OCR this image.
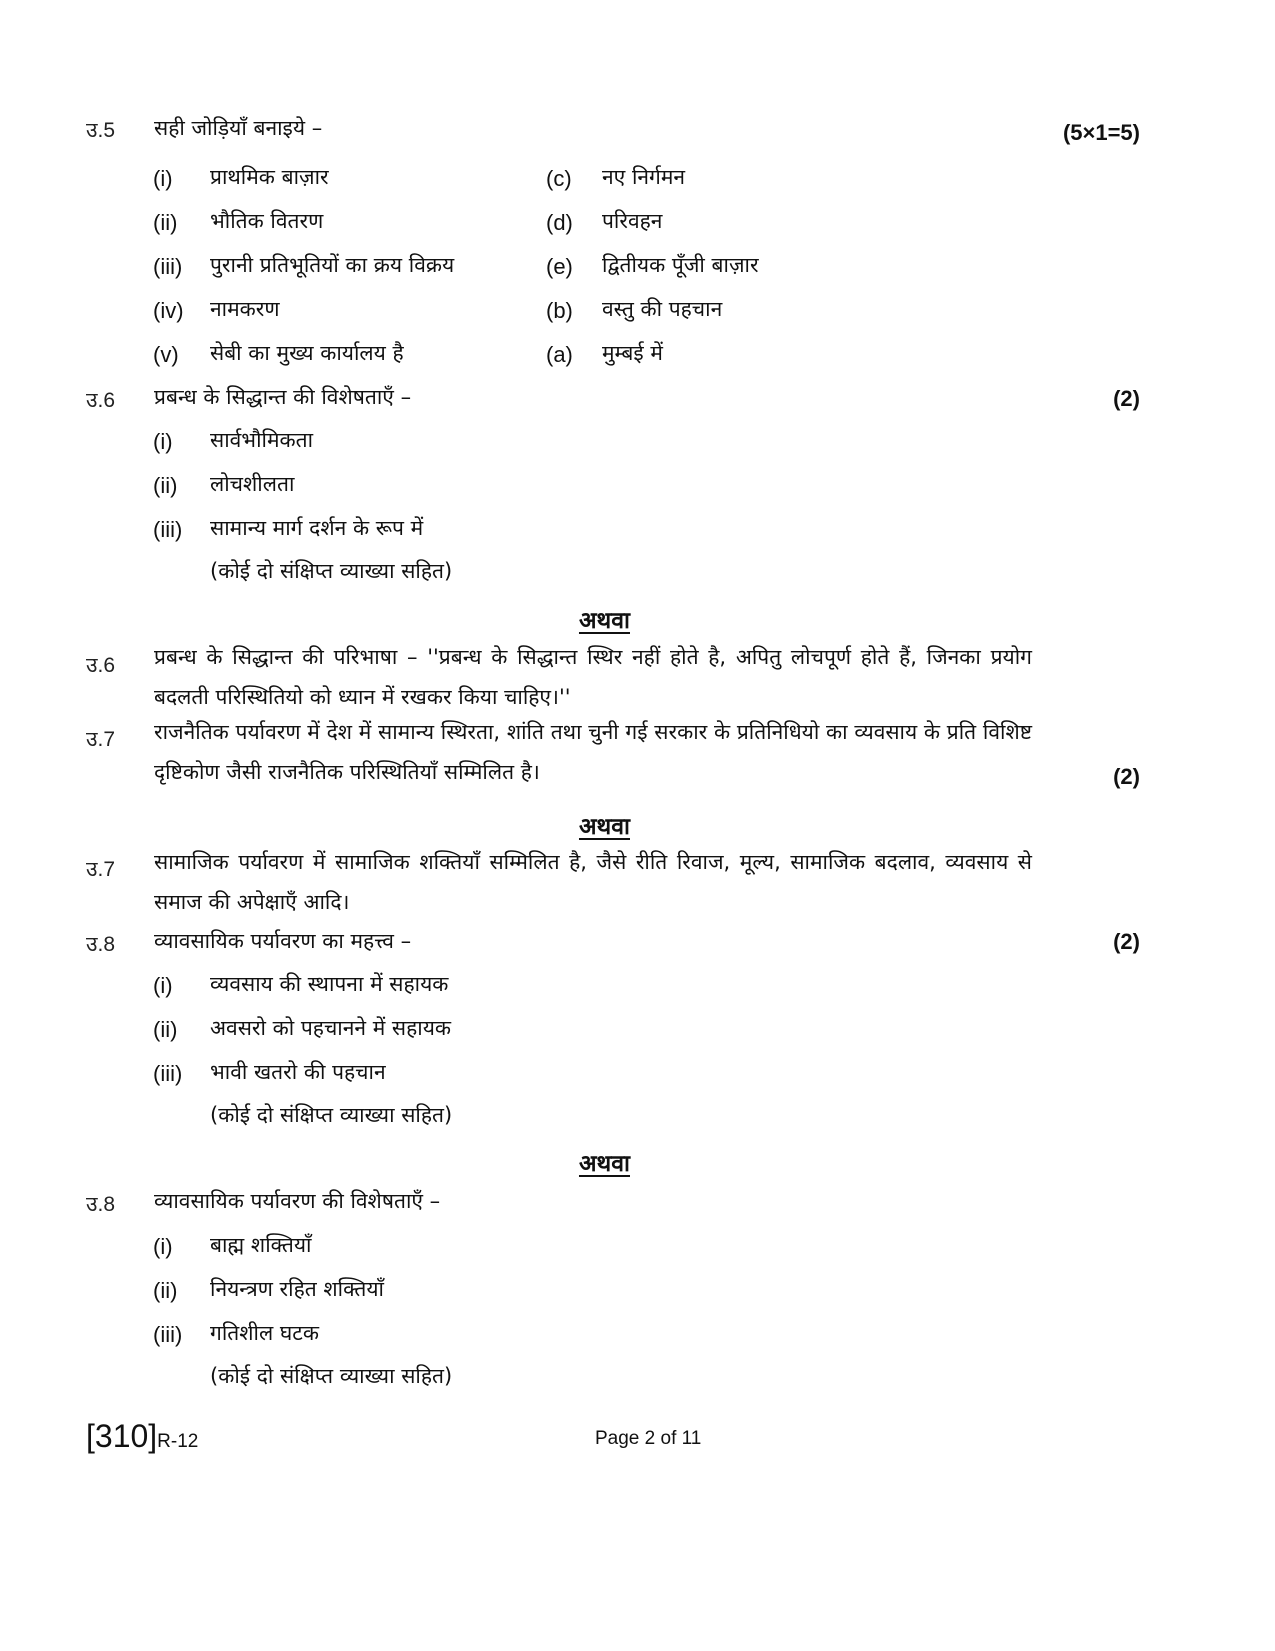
उ.5 सही जोड़ियाँ बनाइये –	(5×1=5)
(i) प्राथमिक बाज़ार	(c) नए निर्गमन
(ii) भौतिक वितरण	(d) परिवहन
(iii) पुरानी प्रतिभूतियों का क्रय विक्रय	(e) द्वितीयक पूँजी बाज़ार
(iv) नामकरण	(b) वस्तु की पहचान
(v) सेबी का मुख्य कार्यालय है	(a) मुम्बई में
उ.6 प्रबन्ध के सिद्धान्त की विशेषताएँ –	(2)
(i) सार्वभौमिकता
(ii) लोचशीलता
(iii) सामान्य मार्ग दर्शन के रूप में
(कोई दो संक्षिप्त व्याख्या सहित)
अथवा
उ.6 प्रबन्ध के सिद्धान्त की परिभाषा – ''प्रबन्ध के सिद्धान्त स्थिर नहीं होते है, अपितु लोचपूर्ण होते हैं, जिनका प्रयोग बदलती परिस्थितियो को ध्यान में रखकर किया चाहिए।''
उ.7 राजनैतिक पर्यावरण में देश में सामान्य स्थिरता, शांति तथा चुनी गई सरकार के प्रतिनिधियो का व्यवसाय के प्रति विशिष्ट दृष्टिकोण जैसी राजनैतिक परिस्थितियाँ सम्मिलित है।	(2)
अथवा
उ.7 सामाजिक पर्यावरण में सामाजिक शक्तियाँ सम्मिलित है, जैसे रीति रिवाज, मूल्य, सामाजिक बदलाव, व्यवसाय से समाज की अपेक्षाएँ आदि।
उ.8 व्यावसायिक पर्यावरण का महत्त्व –	(2)
(i) व्यवसाय की स्थापना में सहायक
(ii) अवसरो को पहचानने में सहायक
(iii) भावी खतरो की पहचान
(कोई दो संक्षिप्त व्याख्या सहित)
अथवा
उ.8 व्यावसायिक पर्यावरण की विशेषताएँ –
(i) बाह्म शक्तियाँ
(ii) नियन्त्रण रहित शक्तियाँ
(iii) गतिशील घटक
(कोई दो संक्षिप्त व्याख्या सहित)
[310]R-12	Page 2 of 11
